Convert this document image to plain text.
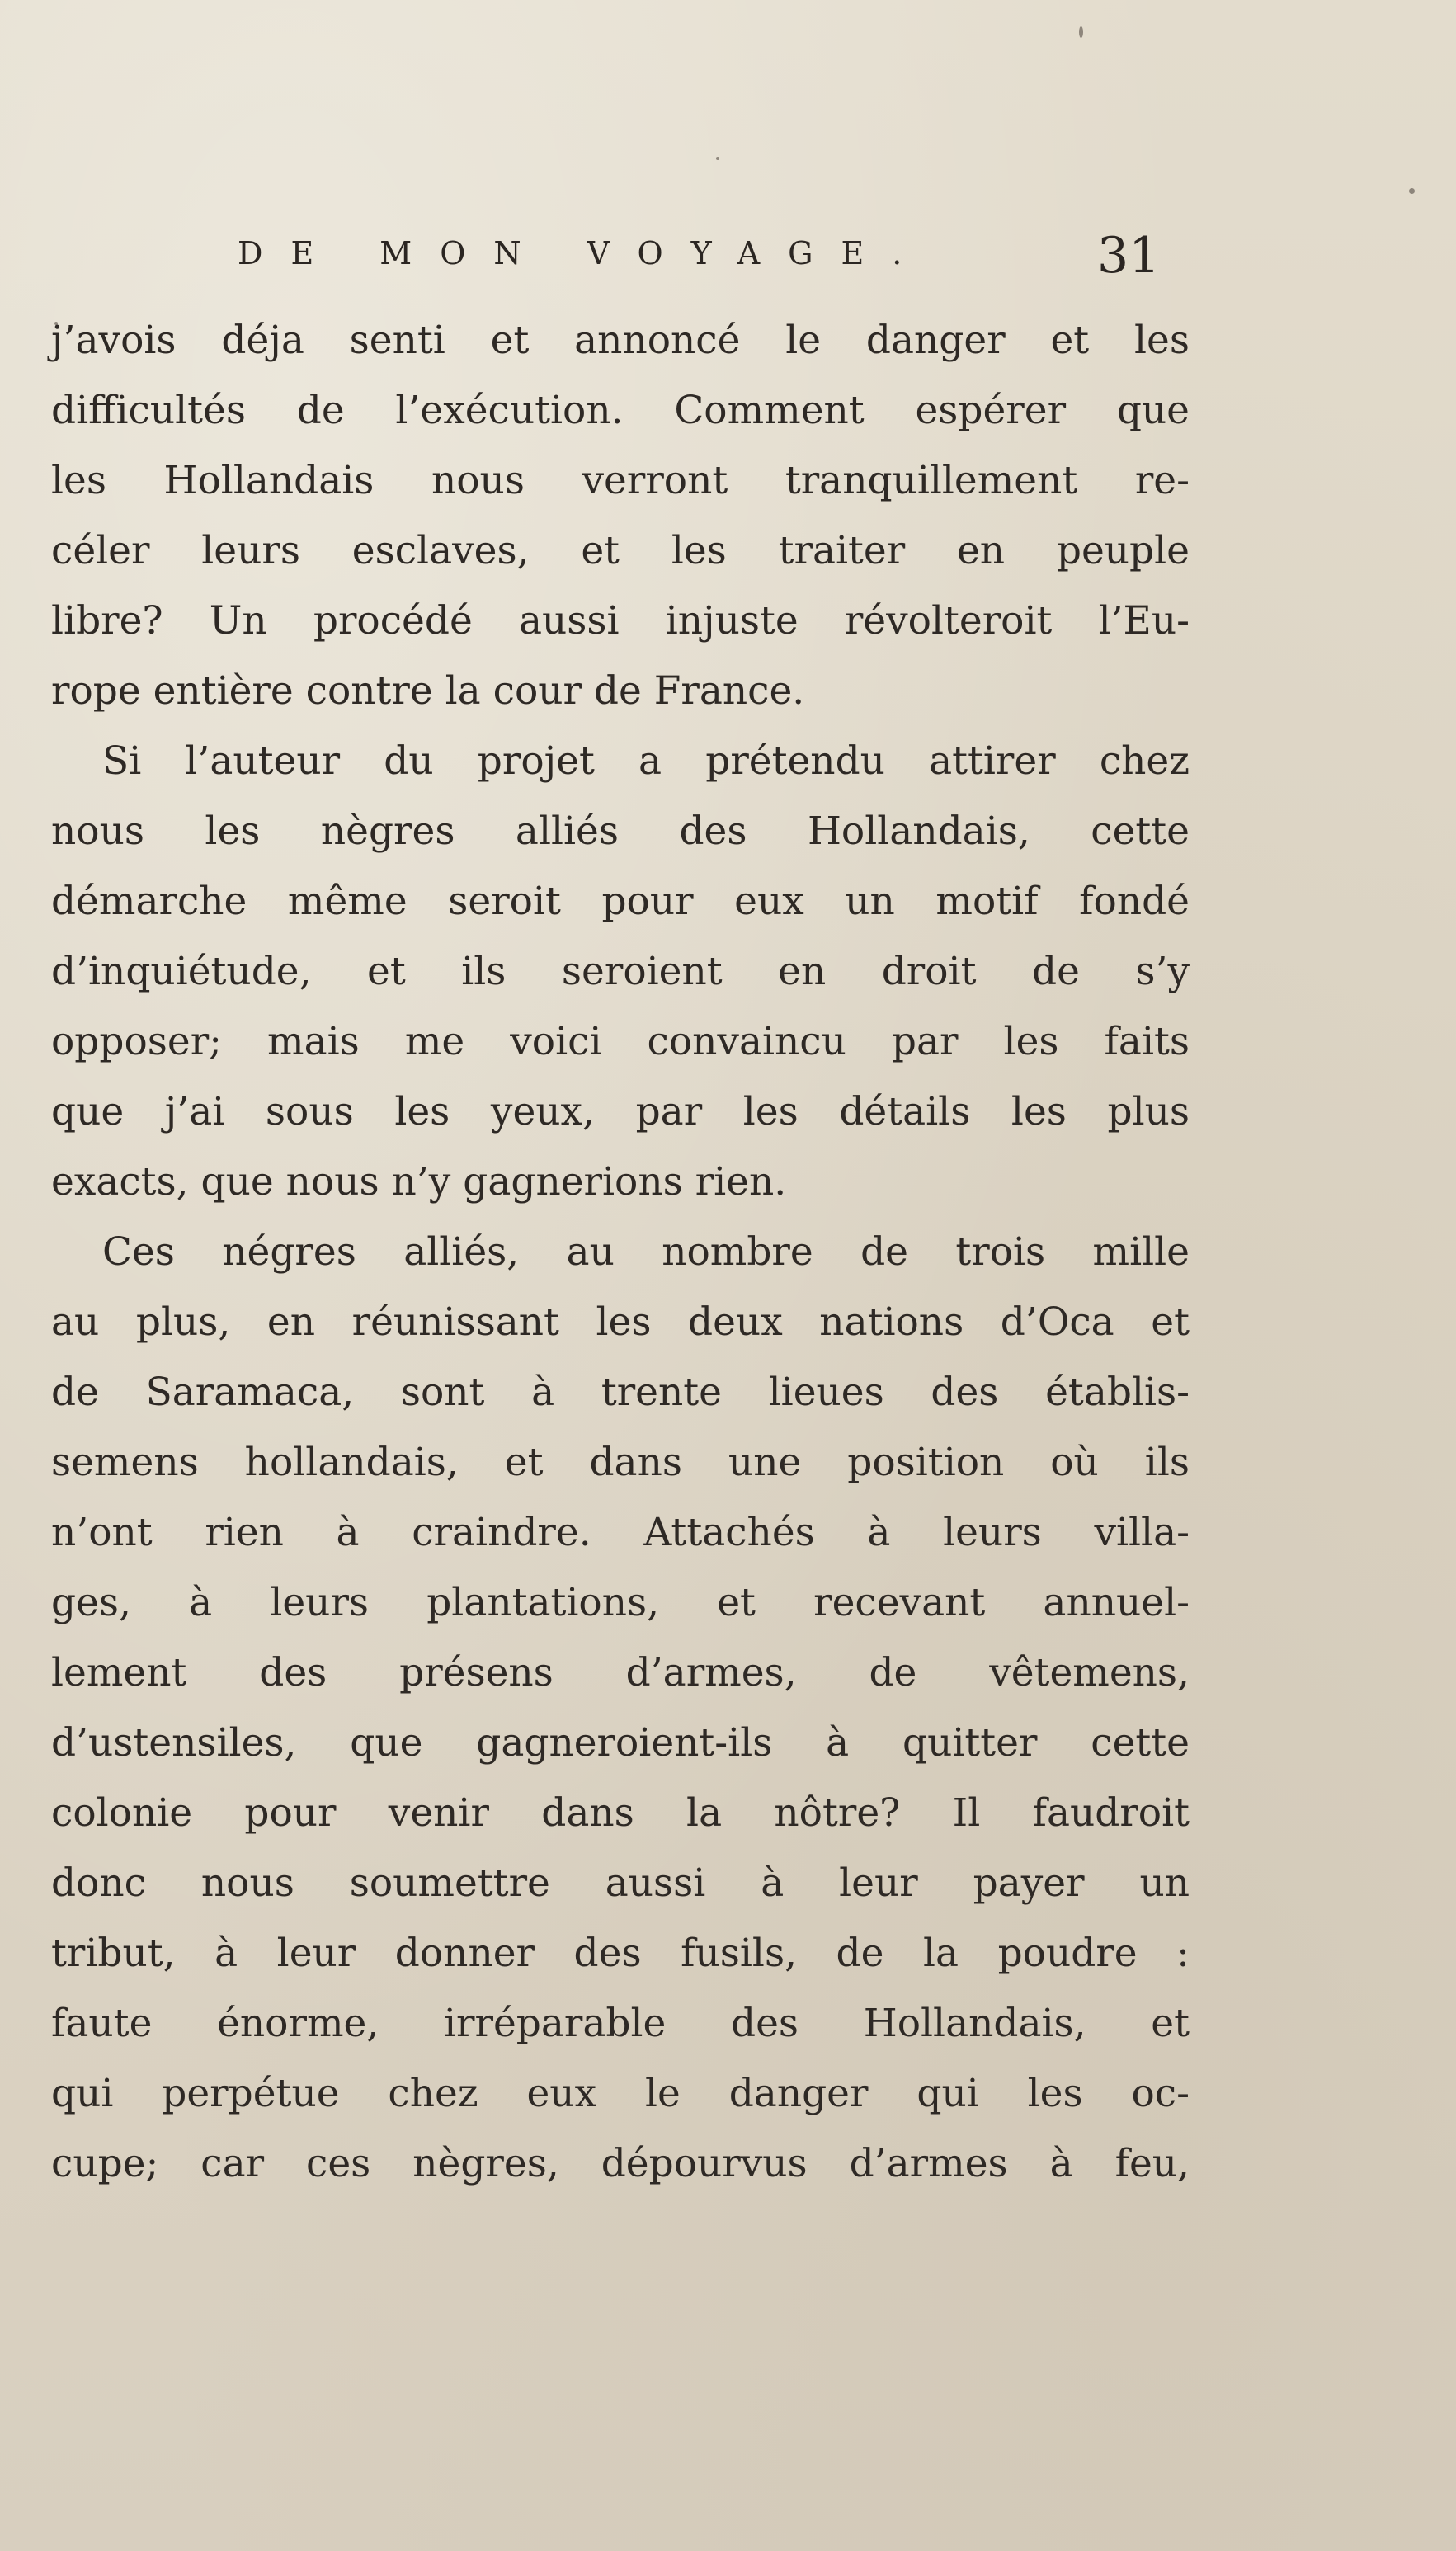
DE MON VOYAGE.	31
j’avois déja senti et annoncé le danger et les
difficultés de l’exécution. Comment espérer que
les Hollandais nous verront tranquillement re-
céler leurs esclaves, et les traiter en peuple
libre? Un procédé aussi injuste révolteroit l’Eu-
rope entière contre la cour de France.
Si l’auteur du projet a prétendu attirer chez
nous les nègres alliés des Hollandais, cette
démarche même seroit pour eux un motif fondé
d’inquiétude, et ils seroient en droit de s’y
opposer; mais me voici convaincu par les faits
que j’ai sous les yeux, par les détails les plus
exacts, que nous n’y gagnerions rien.
Ces négres alliés, au nombre de trois mille
au plus, en réunissant les deux nations d’Oca et
de Saramaca, sont à trente lieues des établis-
semens hollandais, et dans une position où ils
n’ont rien à craindre. Attachés à leurs villa-
ges, à leurs plantations, et recevant annuel-
lement des présens d’armes, de vêtemens,
d’ustensiles, que gagneroient-ils à quitter cette
colonie pour venir dans la nôtre? Il faudroit
donc nous soumettre aussi à leur payer un
tribut, à leur donner des fusils, de la poudre :
faute énorme, irréparable des Hollandais, et
qui perpétue chez eux le danger qui les oc-
cupe; car ces nègres, dépourvus d’armes à feu,
